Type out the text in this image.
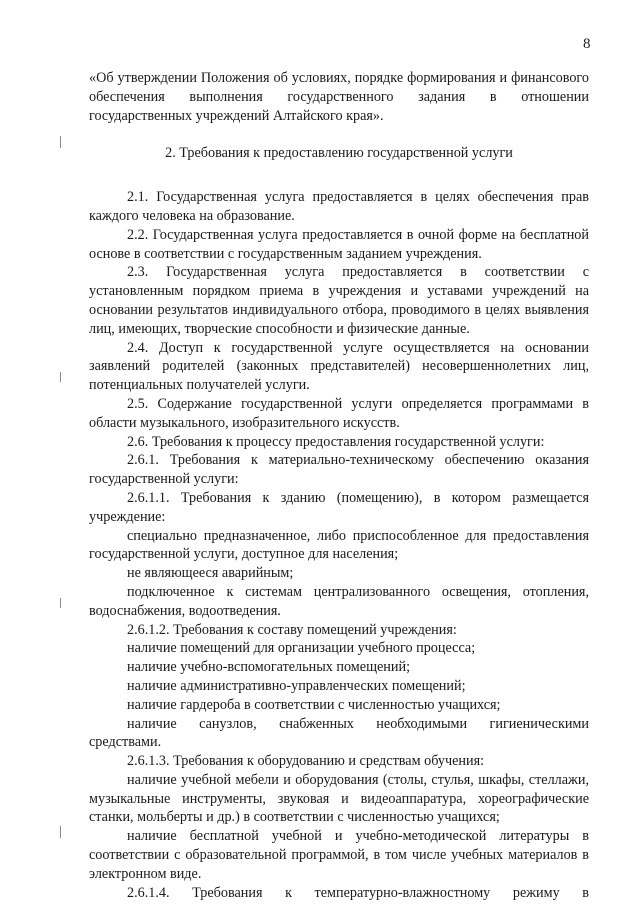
8

«Об утверждении Положения об условиях, порядке формирования и финансового обеспечения выполнения государственного задания в отношении государственных учреждений Алтайского края».

2. Требования к предоставлению государственной услуги

2.1. Государственная услуга предоставляется в целях обеспечения прав каждого человека на образование.

2.2. Государственная услуга предоставляется в очной форме на бесплатной основе в соответствии с государственным заданием учреждения.

2.3. Государственная услуга предоставляется в соответствии с установленным порядком приема в учреждения и уставами учреждений на основании результатов индивидуального отбора, проводимого в целях выявления лиц, имеющих, творческие способности и физические данные.

2.4. Доступ к государственной услуге осуществляется на основании заявлений родителей (законных представителей) несовершеннолетних лиц, потенциальных получателей услуги.

2.5. Содержание государственной услуги определяется программами в области музыкального, изобразительного искусств.

2.6. Требования к процессу предоставления государственной услуги:

2.6.1. Требования к материально-техническому обеспечению оказания государственной услуги:

2.6.1.1. Требования к зданию (помещению), в котором размещается учреждение:

специально предназначенное, либо приспособленное для предоставления государственной услуги, доступное для населения;

не являющееся аварийным;

подключенное к системам централизованного освещения, отопления, водоснабжения, водоотведения.

2.6.1.2. Требования к составу помещений учреждения:

наличие помещений для организации учебного процесса;

наличие учебно-вспомогательных помещений;

наличие административно-управленческих помещений;

наличие гардероба в соответствии с численностью учащихся;

наличие санузлов, снабженных необходимыми гигиеническими средствами.

2.6.1.3. Требования к оборудованию и средствам обучения:

наличие учебной мебели и оборудования (столы, стулья, шкафы, стеллажи, музыкальные инструменты, звуковая и видеоаппаратура, хореографические станки, мольберты и др.) в соответствии с численностью учащихся;

наличие бесплатной учебной и учебно-методической литературы в соответствии с образовательной программой, в том числе учебных материалов в электронном виде.

2.6.1.4. Требования к температурно-влажностному режиму в
